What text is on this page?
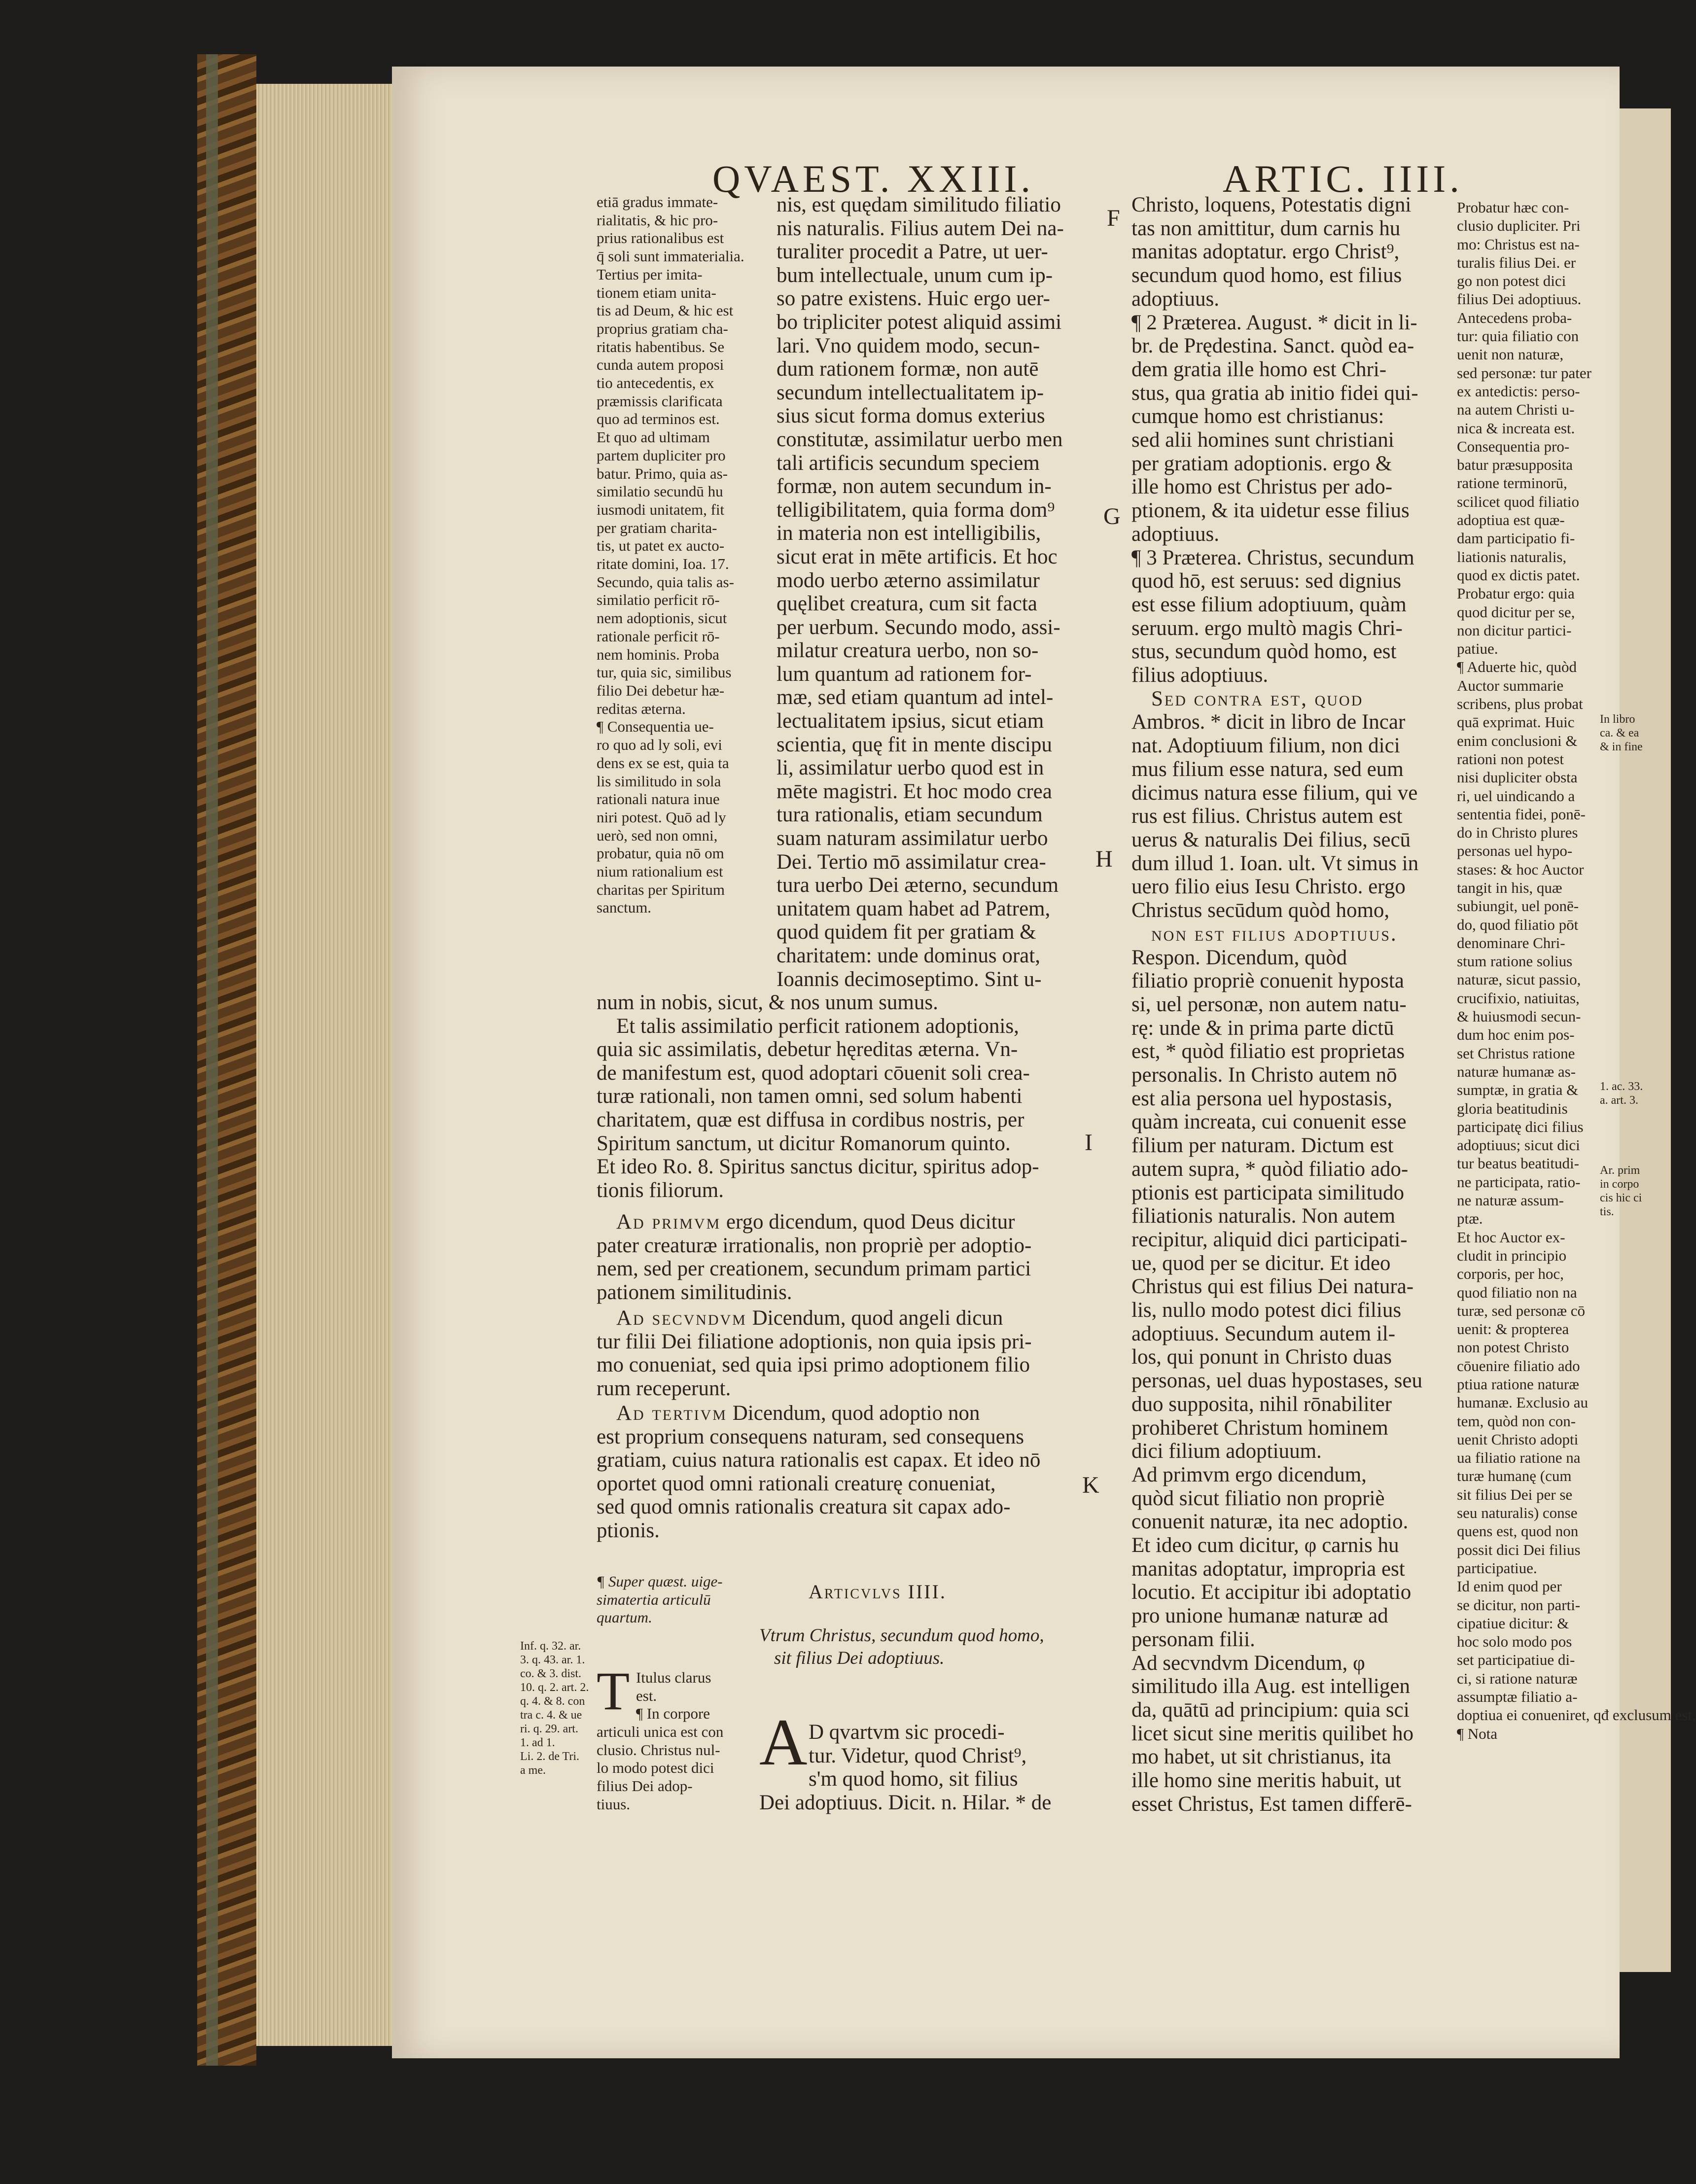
QVAEST. XXIII.	ARTIC. IIII.
F
G
H
I
K
etiā gradus immate-
rialitatis, & hic pro-
prius rationalibus est
q̄ soli sunt immaterialia.
Tertius per imita-
tionem etiam unita-
tis ad Deum, & hic est
proprius gratiam cha-
ritatis habentibus. Se
cunda autem proposi
tio antecedentis, ex
præmissis clarificata
quo ad terminos est.
Et quo ad ultimam
partem dupliciter pro
batur. Primo, quia as-
similatio secundū hu
iusmodi unitatem, fit
per gratiam charita-
tis, ut patet ex aucto-
ritate domini, Ioa. 17.
Secundo, quia talis as-
similatio perficit rō-
nem adoptionis, sicut
rationale perficit rō-
nem hominis. Proba
tur, quia sic, similibus
filio Dei debetur hæ-
reditas æterna.
¶ Consequentia ue-
ro quo ad ly soli, evi
dens ex se est, quia ta
lis similitudo in sola
rationali natura inue
niri potest. Quō ad ly
uerò, sed non omni,
probatur, quia nō om
nium rationalium est
charitas per Spiritum
sanctum.
nis, est quędam similitudo filiatio
nis naturalis. Filius autem Dei na-
turaliter procedit a Patre, ut uer-
bum intellectuale, unum cum ip-
so patre existens. Huic ergo uer-
bo tripliciter potest aliquid assimi
lari. Vno quidem modo, secun-
dum rationem formæ, non autē
secundum intellectualitatem ip-
sius sicut forma domus exterius
constitutæ, assimilatur uerbo men
tali artificis secundum speciem
formæ, non autem secundum in-
telligibilitatem, quia forma dom⁹
in materia non est intelligibilis,
sicut erat in mēte artificis. Et hoc
modo uerbo æterno assimilatur
quęlibet creatura, cum sit facta
per uerbum. Secundo modo, assi-
milatur creatura uerbo, non so-
lum quantum ad rationem for-
mæ, sed etiam quantum ad intel-
lectualitatem ipsius, sicut etiam
scientia, quę fit in mente discipu
li, assimilatur uerbo quod est in
mēte magistri. Et hoc modo crea
tura rationalis, etiam secundum
suam naturam assimilatur uerbo
Dei. Tertio mō assimilatur crea-
tura uerbo Dei æterno, secundum
unitatem quam habet ad Patrem,
quod quidem fit per gratiam &
charitatem: unde dominus orat,
Ioannis decimoseptimo. Sint u-
num in nobis, sicut, & nos unum sumus.
Et talis assimilatio perficit rationem adoptionis,
quia sic assimilatis, debetur hęreditas æterna. Vn-
de manifestum est, quod adoptari cōuenit soli crea-
turæ rationali, non tamen omni, sed solum habenti
charitatem, quæ est diffusa in cordibus nostris, per
Spiritum sanctum, ut dicitur Romanorum quinto.
Et ideo Ro. 8. Spiritus sanctus dicitur, spiritus adop-
tionis filiorum.
Ad primvm ergo dicendum, quod Deus dicitur
pater creaturæ irrationalis, non propriè per adoptio-
nem, sed per creationem, secundum primam partici
pationem similitudinis.
Ad secvndvm Dicendum, quod angeli dicun
tur filii Dei filiatione adoptionis, non quia ipsis pri-
mo conueniat, sed quia ipsi primo adoptionem filio
rum receperunt.
Ad tertivm Dicendum, quod adoptio non
est proprium consequens naturam, sed consequens
gratiam, cuius natura rationalis est capax. Et ideo nō
oportet quod omni rationali creaturę conueniat,
sed quod omnis rationalis creatura sit capax ado-
ptionis.
¶ Super quæst. uige-
simatertia articulū
quartum.
Inf. q. 32. ar.
3. q. 43. ar. 1.
co. & 3. dist.
10. q. 2. art. 2.
q. 4. & 8. con
tra c. 4. & ue
ri. q. 29. art.
1. ad 1.
Li. 2. de Tri.
a me.
T Itulus clarus
est.
¶ In corpore
articuli unica est con
clusio. Christus nul-
lo modo potest dici
filius Dei adop-
tiuus.
Articvlvs IIII.
Vtrum Christus, secundum quod homo,
sit filius Dei adoptiuus.
A D qvartvm sic procedi-
tur. Videtur, quod Christ⁹,
s'm quod homo, sit filius
Dei adoptiuus. Dicit. n. Hilar. * de
Christo, loquens, Potestatis digni
tas non amittitur, dum carnis hu
manitas adoptatur. ergo Christ⁹,
secundum quod homo, est filius
adoptiuus.
¶ 2 Præterea. August. * dicit in li-
br. de Prędestina. Sanct. quòd ea-
dem gratia ille homo est Chri-
stus, qua gratia ab initio fidei qui-
cumque homo est christianus:
sed alii homines sunt christiani
per gratiam adoptionis. ergo &
ille homo est Christus per ado-
ptionem, & ita uidetur esse filius
adoptiuus.
¶ 3 Præterea. Christus, secundum
quod hō, est seruus: sed dignius
est esse filium adoptiuum, quàm
seruum. ergo multò magis Chri-
stus, secundum quòd homo, est
filius adoptiuus.
Sed contra est, quod
Ambros. * dicit in libro de Incar
nat. Adoptiuum filium, non dici
mus filium esse natura, sed eum
dicimus natura esse filium, qui ve
rus est filius. Christus autem est
uerus & naturalis Dei filius, secū
dum illud 1. Ioan. ult. Vt simus in
uero filio eius Iesu Christo. ergo
Christus secūdum quòd homo,
non est filius adoptiuus.
Respon. Dicendum, quòd
filiatio propriè conuenit hyposta
si, uel personæ, non autem natu-
rę: unde & in prima parte dictū
est, * quòd filiatio est proprietas
personalis. In Christo autem nō
est alia persona uel hypostasis,
quàm increata, cui conuenit esse
filium per naturam. Dictum est
autem supra, * quòd filiatio ado-
ptionis est participata similitudo
filiationis naturalis. Non autem
recipitur, aliquid dici participati-
ue, quod per se dicitur. Et ideo
Christus qui est filius Dei natura-
lis, nullo modo potest dici filius
adoptiuus. Secundum autem il-
los, qui ponunt in Christo duas
personas, uel duas hypostases, seu
duo supposita, nihil rōnabiliter
prohiberet Christum hominem
dici filium adoptiuum.
Ad primvm ergo dicendum,
quòd sicut filiatio non propriè
conuenit naturæ, ita nec adoptio.
Et ideo cum dicitur, φ carnis hu
manitas adoptatur, impropria est
locutio. Et accipitur ibi adoptatio
pro unione humanæ naturæ ad
personam filii.
Ad secvndvm Dicendum, φ
similitudo illa Aug. est intelligen
da, quātū ad principium: quia sci
licet sicut sine meritis quilibet ho
mo habet, ut sit christianus, ita
ille homo sine meritis habuit, ut
esset Christus, Est tamen differē-
Probatur hæc con-
clusio dupliciter. Pri
mo: Christus est na-
turalis filius Dei. er
go non potest dici
filius Dei adoptiuus.
Antecedens proba-
tur: quia filiatio con
uenit non naturæ,
sed personæ: tur pater
ex antedictis: perso-
na autem Christi u-
nica & increata est.
Consequentia pro-
batur præsupposita
ratione terminorū,
scilicet quod filiatio
adoptiua est quæ-
dam participatio fi-
liationis naturalis,
quod ex dictis patet.
Probatur ergo: quia
quod dicitur per se,
non dicitur partici-
patiue.
¶ Aduerte hic, quòd
Auctor summarie
scribens, plus probat
quā exprimat. Huic
enim conclusioni &
rationi non potest
nisi dupliciter obsta
ri, uel uindicando a
sententia fidei, ponē-
do in Christo plures
personas uel hypo-
stases: & hoc Auctor
tangit in his, quæ
subiungit, uel ponē-
do, quod filiatio pōt
denominare Chri-
stum ratione solius
naturæ, sicut passio,
crucifixio, natiuitas,
& huiusmodi secun-
dum hoc enim pos-
set Christus ratione
naturæ humanæ as-
sumptæ, in gratia &
gloria beatitudinis
participatę dici filius
adoptiuus; sicut dici
tur beatus beatitudi-
ne participata, ratio-
ne naturæ assum-
ptæ.
Et hoc Auctor ex-
cludit in principio
corporis, per hoc,
quod filiatio non na
turæ, sed personæ cō
uenit: & propterea
non potest Christo
cōuenire filiatio ado
ptiua ratione naturæ
humanæ. Exclusio au
tem, quòd non con-
uenit Christo adopti
ua filiatio ratione na
turæ humanę (cum
sit filius Dei per se
seu naturalis) conse
quens est, quod non
possit dici Dei filius
participatiue.
Id enim quod per
se dicitur, non parti-
cipatiue dicitur: &
hoc solo modo pos
set participatiue di-
ci, si ratione naturæ
assumptæ filiatio a-
doptiua ei conueniret, qđ exclusum est.
¶ Nota
In libro
ca. & ea
& in fine
1. ac. 33.
a. art. 3.
Ar. prim
in corpo
cis hic ci
tis.
